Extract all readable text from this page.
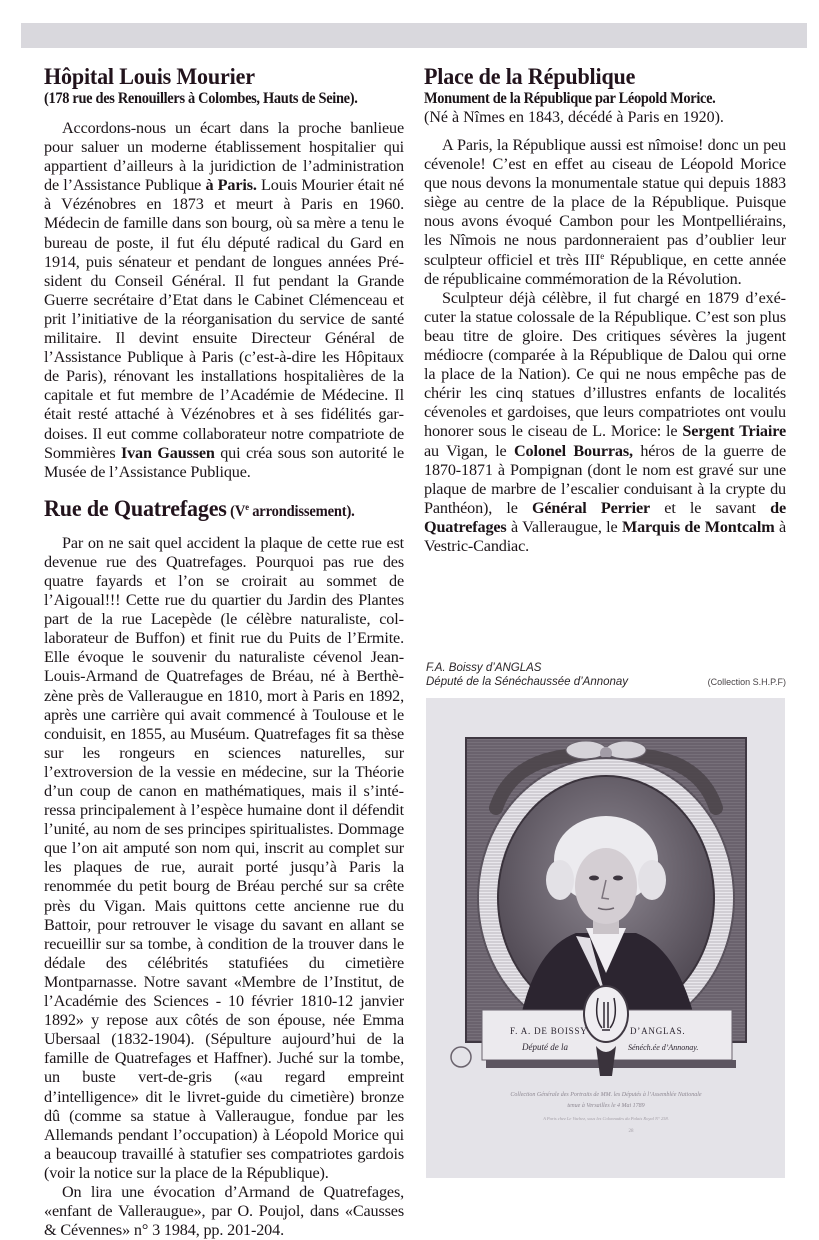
Hôpital Louis Mourier
(178 rue des Renouillers à Colombes, Hauts de Seine).

Accordons-nous un écart dans la proche banlieue pour saluer un moderne établissement hospitalier qui appartient d’ailleurs à la juridiction de l’administration de l’Assistance Publique à Paris. Louis Mourier était né à Vézénobres en 1873 et meurt à Paris en 1960. Médecin de famille dans son bourg, où sa mère a tenu le bureau de poste, il fut élu député radical du Gard en 1914, puis sénateur et pendant de longues années Président du Conseil Général. Il fut pendant la Grande Guerre secrétaire d’Etat dans le Cabinet Clémenceau et prit l’initiative de la réorganisation du service de santé militaire. Il devint ensuite Directeur Général de l’Assistance Publique à Paris (c’est-à-dire les Hôpitaux de Paris), rénovant les installations hospitalières de la capitale et fut membre de l’Académie de Médecine. Il était resté attaché à Vézénobres et à ses fidélités gardoises. Il eut comme collaborateur notre compatriote de Sommières Ivan Gaussen qui créa sous son autorité le Musée de l’Assistance Publique.

Rue de Quatrefages (Ve arrondissement).

Par on ne sait quel accident la plaque de cette rue est devenue rue des Quatrefages. Pourquoi pas rue des quatre fayards et l’on se croirait au sommet de l’Aigoual!!! Cette rue du quartier du Jardin des Plantes part de la rue Lacepède (le célèbre naturaliste, collaborateur de Buffon) et finit rue du Puits de l’Ermite. Elle évoque le souvenir du naturaliste cévenol Jean-Louis-Armand de Quatrefages de Bréau, né à Berthèzène près de Valleraugue en 1810, mort à Paris en 1892, après une carrière qui avait commencé à Toulouse et le conduisit, en 1855, au Muséum. Quatrefages fit sa thèse sur les rongeurs en sciences naturelles, sur l’extroversion de la vessie en médecine, sur la Théorie d’un coup de canon en mathématiques, mais il s’intéressa principalement à l’espèce humaine dont il défendit l’unité, au nom de ses principes spiritualistes. Dommage que l’on ait amputé son nom qui, inscrit au complet sur les plaques de rue, aurait porté jusqu’à Paris la renommée du petit bourg de Bréau perché sur sa crête près du Vigan. Mais quittons cette ancienne rue du Battoir, pour retrouver le visage du savant en allant se recueillir sur sa tombe, à condition de la trouver dans le dédale des célébrités statufiées du cimetière Montparnasse. Notre savant «Membre de l’Institut, de l’Académie des Sciences - 10 février 1810-12 janvier 1892» y repose aux côtés de son épouse, née Emma Ubersaal (1832-1904). (Sépulture aujourd’hui de la famille de Quatrefages et Haffner). Juché sur la tombe, un buste vert-de-gris («au regard empreint d’intelligence» dit le livret-guide du cimetière) bronze dû (comme sa statue à Valleraugue, fondue par les Allemands pendant l’occupation) à Léopold Morice qui a beaucoup travaillé à statufier ses compatriotes gardois (voir la notice sur la place de la République).

On lira une évocation d’Armand de Quatrefages, «enfant de Valleraugue», par O. Poujol, dans «Causses & Cévennes» n° 3 1984, pp. 201-204.

Place de la République
Monument de la République par Léopold Morice.
(Né à Nîmes en 1843, décédé à Paris en 1920).

A Paris, la République aussi est nîmoise! donc un peu cévenole! C’est en effet au ciseau de Léopold Morice que nous devons la monumentale statue qui depuis 1883 siège au centre de la place de la République. Puisque nous avons évoqué Cambon pour les Montpelliérains, les Nîmois ne nous pardonneraient pas d’oublier leur sculpteur officiel et très IIIe République, en cette année de républicaine commémoration de la Révolution.

Sculpteur déjà célèbre, il fut chargé en 1879 d’exécuter la statue colossale de la République. C’est son plus beau titre de gloire. Des critiques sévères la jugent médiocre (comparée à la République de Dalou qui orne la place de la Nation). Ce qui ne nous empêche pas de chérir les cinq statues d’illustres enfants de localités cévenoles et gardoises, que leurs compatriotes ont voulu honorer sous le ciseau de L. Morice: le Sergent Triaire au Vigan, le Colonel Bourras, héros de la guerre de 1870-1871 à Pompignan (dont le nom est gravé sur une plaque de marbre de l’escalier conduisant à la crypte du Panthéon), le Général Perrier et le savant de Quatrefages à Valleraugue, le Marquis de Montcalm à Vestric-Candiac.

F.A. Boissy d’ANGLAS
Député de la Sénéchaussée d’Annonay	(Collection S.H.P.F)
F. A. DE BOISSY	D’ANGLAS.
Député de la	Sénéch.ée d’Annonay.
Collection Générale des Portraits de MM. les Députés à l’Assemblée Nationale
tenue à Versailles le 4 Mai 1789
A Paris chez Le Vachez, sous les Colonnades du Palais Royal N° 258.
28
